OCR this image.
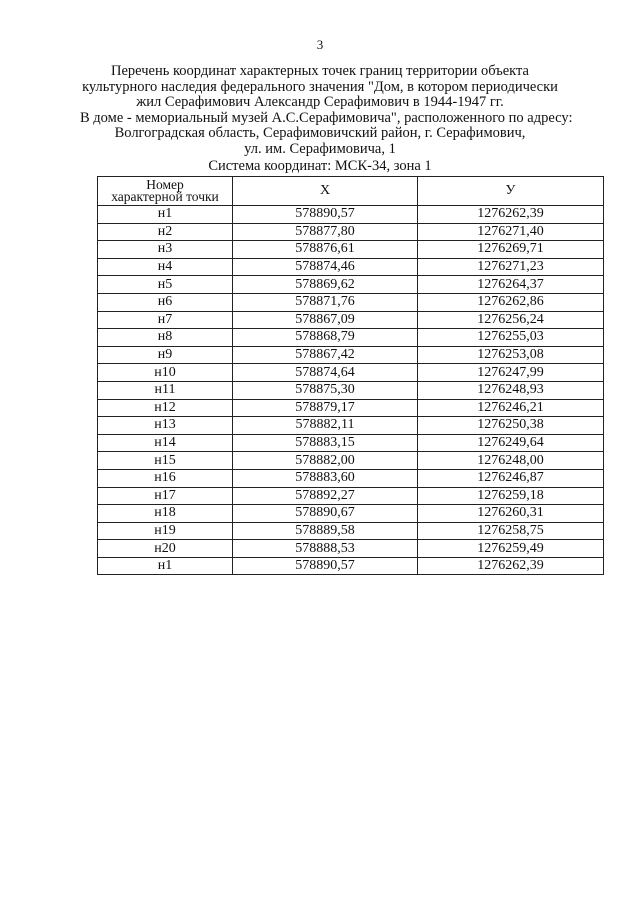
3
Перечень координат характерных точек границ территории объекта
культурного наследия федерального значения "Дом, в котором периодически
жил Серафимович Александр Серафимович в 1944-1947 гг.
В доме - мемориальный музей А.С.Серафимовича", расположенного по адресу:
Волгоградская область, Серафимовичский район, г. Серафимович,
ул. им. Серафимовича, 1
Система координат: МСК-34, зона 1
Номер
характерной точки	Х	У
н1	578890,57	1276262,39
н2	578877,80	1276271,40
н3	578876,61	1276269,71
н4	578874,46	1276271,23
н5	578869,62	1276264,37
н6	578871,76	1276262,86
н7	578867,09	1276256,24
н8	578868,79	1276255,03
н9	578867,42	1276253,08
н10	578874,64	1276247,99
н11	578875,30	1276248,93
н12	578879,17	1276246,21
н13	578882,11	1276250,38
н14	578883,15	1276249,64
н15	578882,00	1276248,00
н16	578883,60	1276246,87
н17	578892,27	1276259,18
н18	578890,67	1276260,31
н19	578889,58	1276258,75
н20	578888,53	1276259,49
н1	578890,57	1276262,39
